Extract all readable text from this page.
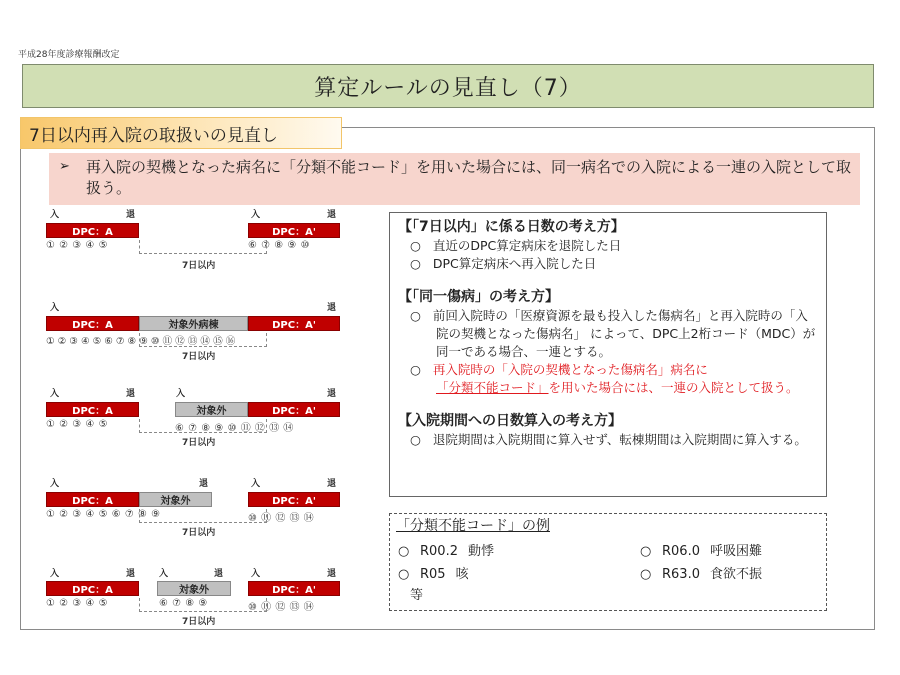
平成28年度診療報酬改定
算定ルールの見直し（7）
7日以内再入院の取扱いの見直し
➢ 再入院の契機となった病名に「分類不能コード」を用いた場合には、同一病名での入院による一連の入院として取扱う。
入	退	入	退
DPC：A	DPC：A'
① ② ③ ④ ⑤	⑥ ⑦ ⑧ ⑨ ⑩
7日以内
入	退
DPC：A	対象外病棟	DPC：A'
① ② ③ ④ ⑤ ⑥ ⑦ ⑧ ⑨ ⑩ ⑪ ⑫ ⑬ ⑭ ⑮ ⑯
7日以内
入	退	入	退
DPC：A	対象外	DPC：A'
① ② ③ ④ ⑤	⑥ ⑦ ⑧ ⑨ ⑩ ⑪ ⑫ ⑬ ⑭
7日以内
入	退	入	退
DPC：A	対象外	DPC：A'
① ② ③ ④ ⑤ ⑥ ⑦ ⑧ ⑨	⑩ ⑪ ⑫ ⑬ ⑭
7日以内
入	退	入	退	入	退
DPC：A	対象外	DPC：A'
① ② ③ ④ ⑤	⑥ ⑦ ⑧ ⑨	⑩ ⑪ ⑫ ⑬ ⑭
7日以内
【「7日以内」に係る日数の考え方】
○ 直近のDPC算定病床を退院した日
○ DPC算定病床へ再入院した日
【「同一傷病」の考え方】
○ 前回入院時の「医療資源を最も投入した傷病名」と再入院時の「入院の契機となった傷病名」 によって、DPC上2桁コード（MDC）が同一である場合、一連とする。
○ 再入院時の「入院の契機となった傷病名」病名に「分類不能コード」を用いた場合には、一連の入院として扱う。
【入院期間への日数算入の考え方】
○ 退院期間は入院期間に算入せず、転棟期間は入院期間に算入する。
「分類不能コード」の例
○ R00.2 動悸
○ R05 咳
○ R06.0 呼吸困難
○ R63.0 食欲不振
等
